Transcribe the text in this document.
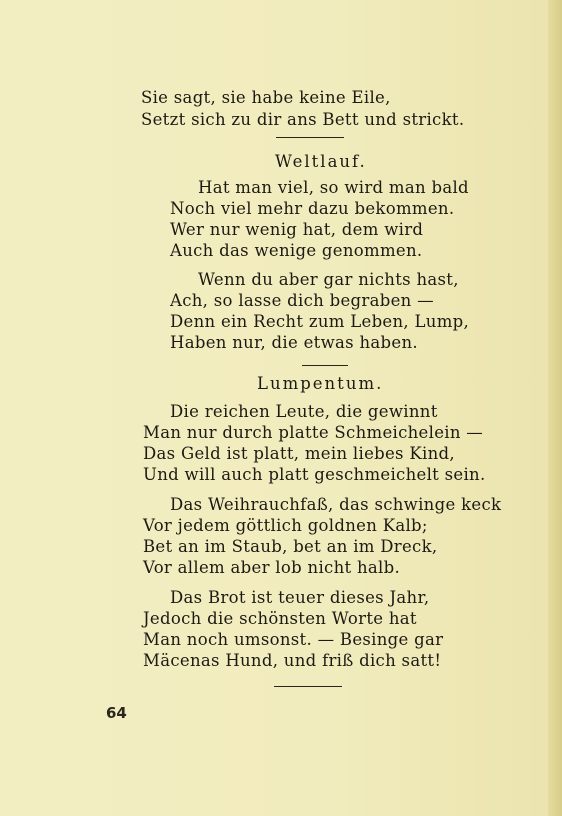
Sie sagt, sie habe keine Eile,
Setzt sich zu dir ans Bett und strickt.
Weltlauf.
Hat man viel, so wird man bald
Noch viel mehr dazu bekommen.
Wer nur wenig hat, dem wird
Auch das wenige genommen.
Wenn du aber gar nichts hast,
Ach, so lasse dich begraben —
Denn ein Recht zum Leben, Lump,
Haben nur, die etwas haben.
Lumpentum.
Die reichen Leute, die gewinnt
Man nur durch platte Schmeichelein —
Das Geld ist platt, mein liebes Kind,
Und will auch platt geschmeichelt sein.
Das Weihrauchfaß, das schwinge keck
Vor jedem göttlich goldnen Kalb;
Bet an im Staub, bet an im Dreck,
Vor allem aber lob nicht halb.
Das Brot ist teuer dieses Jahr,
Jedoch die schönsten Worte hat
Man noch umsonst. — Besinge gar
Mäcenas Hund, und friß dich satt!
64
